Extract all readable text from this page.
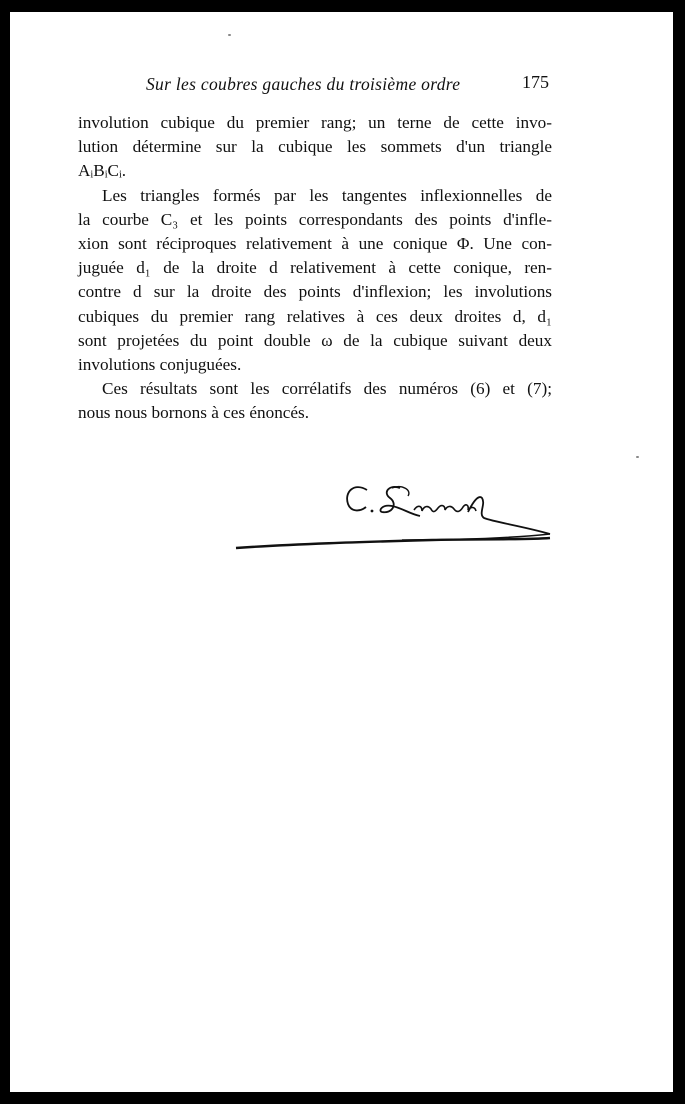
Sur les coubres gauches du troisième ordre	175
involution cubique du premier rang; un terne de cette invo-
lution détermine sur la cubique les sommets d'un triangle
AᵢBᵢCᵢ.
Les triangles formés par les tangentes inflexionnelles de
la courbe C₃ et les points correspondants des points d'infle-
xion sont réciproques relativement à une conique Φ. Une con-
juguée d₁ de la droite d relativement à cette conique, ren-
contre d sur la droite des points d'inflexion; les involutions
cubiques du premier rang relatives à ces deux droites d, d₁
sont projetées du point double ω de la cubique suivant deux
involutions conjuguées.
Ces résultats sont les corrélatifs des numéros (6) et (7);
nous nous bornons à ces énoncés.
